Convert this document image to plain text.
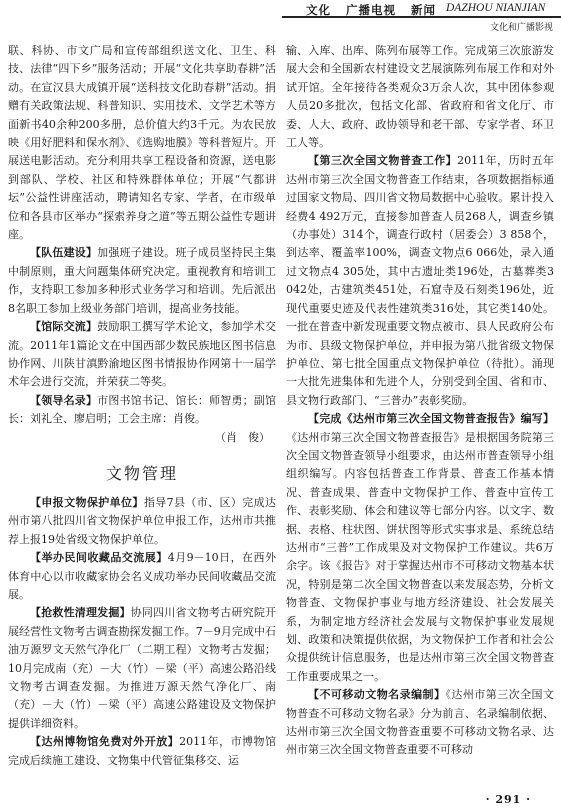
文化   广播电视   新闻 DAZHOU NIANJIAN
文化和广播影视

联、科协、市文广局和宣传部组织送文化、卫生、科技、法律“四下乡”服务活动；开展“文化共享助春耕”活动。在宣汉县大成镇开展“送科技文化助春耕”活动。捐赠有关政策法规、科普知识、实用技术、文学艺术等方面新书40余种200多册，总价值大约3千元。为农民放映《用好肥料和保水剂》、《选购地膜》等科普短片。开展送电影活动。充分利用共享工程设备和资源，送电影到部队、学校、社区和特殊群体单位；开展“气都讲坛”公益性讲座活动，聘请知名专家、学者，在市级单位和各县市区举办“探索养身之道”等五期公益性专题讲座。

【队伍建设】加强班子建设。班子成员坚持民主集中制原则，重大问题集体研究决定。重视教育和培训工作，支持职工参加多种形式业务学习和培训。先后派出8名职工参加上级业务部门培训，提高业务技能。

【馆际交流】鼓励职工撰写学术论文，参加学术交流。2011年1篇论文在中国西部少数民族地区图书信息协作网、川陕甘滇黔渝地区图书情报协作网第十一届学术年会进行交流，并荣获二等奖。

【领导名录】市图书馆书记、馆长：师智勇；副馆长：刘礼全、廖启明；工会主席：肖俊。

（肖　俊）

文物管理

【申报文物保护单位】指导7县（市、区）完成达州市第八批四川省文物保护单位申报工作，达州市共推荐上报19处省级文物保护单位。

【举办民间收藏品交流展】4月9－10日，在西外体育中心以市收藏家协会名义成功举办民间收藏品交流展。

【抢救性清理发掘】协同四川省文物考古研究院开展经营性文物考古调查勘探发掘工作。7－9月完成中石油万源罗文天然气净化厂（二期工程）文物考古发掘；10月完成南（充）－大（竹）－梁（平）高速公路沿线文物考古调查发掘。为推进万源天然气净化厂、南（充）－大（竹）－梁（平）高速公路建设及文物保护提供详细资料。

【达州博物馆免费对外开放】2011年，市博物馆完成后续施工建设、文物集中代管征集移交、运

输、入库、出库、陈列布展等工作。完成第三次旅游发展大会和全国新农村建设文艺展演陈列布展工作和对外试开馆。全年接待各类观众3万余人次，其中团体参观人员20多批次，包括文化部、省政府和省文化厅、市委、人大、政府、政协领导和老干部、专家学者、环卫工人等。

【第三次全国文物普查工作】2011年，历时五年达州市第三次全国文物普查工作结束，各项数据指标通过国家文物局、四川省文物局数据中心验收。累计投入经费4 492万元，直接参加普查人员268人，调查乡镇（办事处）314个，调查行政村（居委会）3 858个，到达率、覆盖率100%，调查文物点6 066处，录入通过文物点4 305处，其中古遗址类196处，古墓葬类3 042处，古建筑类451处，石窟寺及石刻类196处，近现代重要史迹及代表性建筑类316处，其它类140处。一批在普查中新发现重要文物点被市、县人民政府公布为市、县级文物保护单位，并申报为第八批省级文物保护单位、第七批全国重点文物保护单位（待批）。涌现一大批先进集体和先进个人，分别受到全国、省和市、县文物行政部门、“三普办”表彰奖励。

【完成《达州市第三次全国文物普查报告》编写】《达州市第三次全国文物普查报告》是根据国务院第三次全国文物普查领导小组要求，由达州市普查领导小组组织编写。内容包括普查工作背景、普查工作基本情况、普查成果、普查中文物保护工作、普查中宣传工作、表彰奖励、体会和建议等七部分内容。以文字、数据、表格、柱状图、饼状图等形式实事求是、系统总结达州市“三普”工作成果及对文物保护工作建议。共6万余字。该《报告》对于掌握达州市不可移动文物基本状况，特别是第二次全国文物普查以来发展态势，分析文物普查、文物保护事业与地方经济建设、社会发展关系，为制定地方经济社会发展与文物保护事业发展规划、政策和决策提供依据，为文物保护工作者和社会公众提供统计信息服务，也是达州市第三次全国文物普查工作重要成果之一。

【不可移动文物名录编制】《达州市第三次全国文物普查不可移动文物名录》分为前言、名录编制依据、达州市第三次全国文物普查重要不可移动文物名录、达州市第三次全国文物普查重要不可移动

· 291 ·
